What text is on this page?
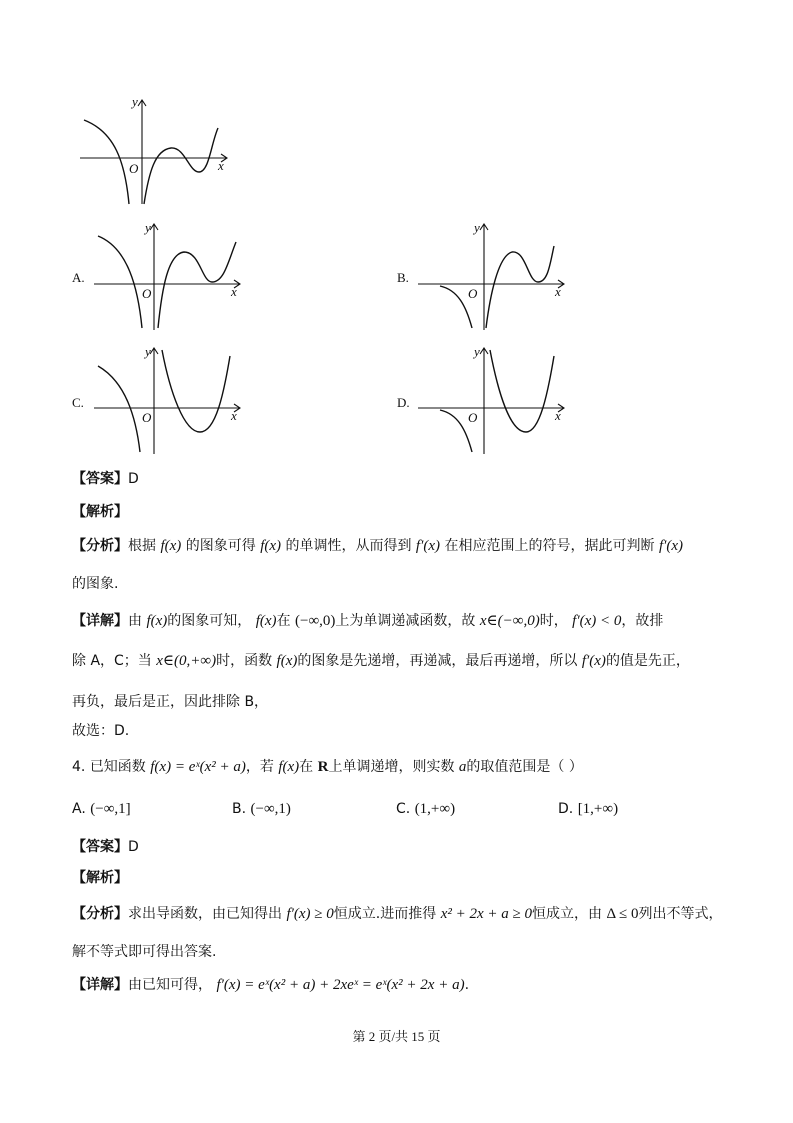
y
x
O
A.
y
x
O
B.
y
x
O
C.
y
x
O
D.
y
x
O
【答案】D
【解析】
【分析】根据 f(x) 的图象可得 f(x) 的单调性，从而得到 f′(x) 在相应范围上的符号，据此可判断 f′(x)
的图象.
【详解】由 f(x)的图象可知， f(x)在 (−∞,0)上为单调递减函数，故 x∈(−∞,0)时， f′(x) < 0，故排
除 A，C；当 x∈(0,+∞)时，函数 f(x)的图象是先递增，再递减，最后再递增，所以 f′(x)的值是先正，
再负，最后是正，因此排除 B，
故选：D.
4. 已知函数 f(x) = eˣ(x² + a)，若 f(x)在 R上单调递增，则实数 a的取值范围是（ ）
A. (−∞,1]	B. (−∞,1)	C. (1,+∞)	D. [1,+∞)
【答案】D
【解析】
【分析】求出导函数，由已知得出 f′(x) ≥ 0恒成立.进而推得 x² + 2x + a ≥ 0恒成立，由 Δ ≤ 0列出不等式，
解不等式即可得出答案.
【详解】由已知可得， f′(x) = eˣ(x² + a) + 2xeˣ = eˣ(x² + 2x + a).
第 2 页/共 15 页
